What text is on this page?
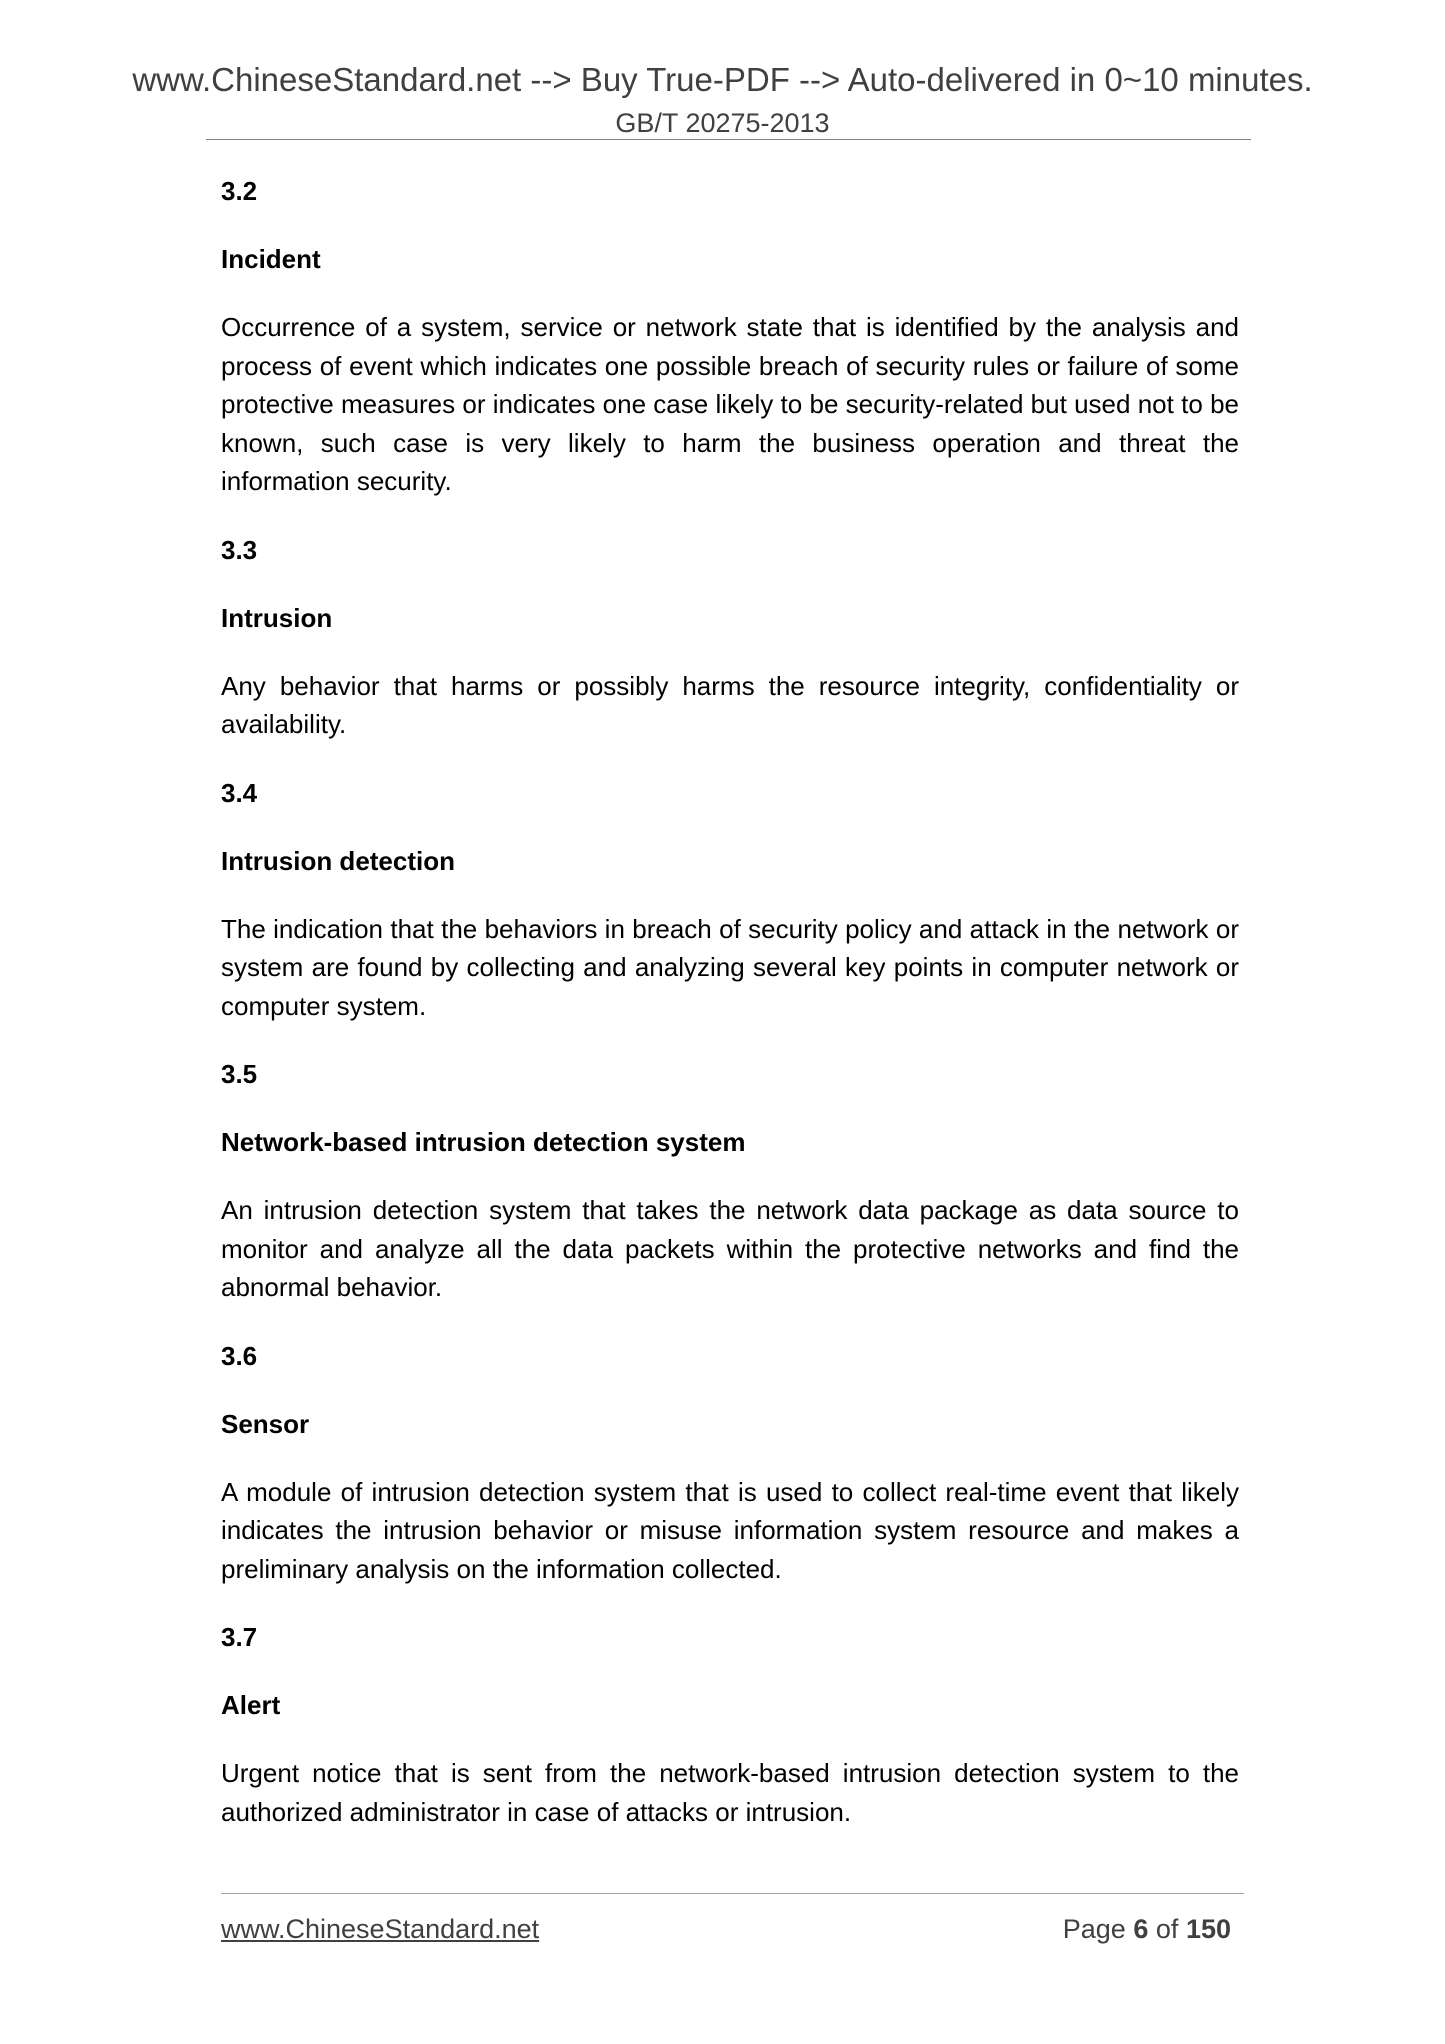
www.ChineseStandard.net --> Buy True-PDF --> Auto-delivered in 0~10 minutes.
GB/T 20275-2013

3.2

Incident

Occurrence of a system, service or network state that is identified by the analysis and process of event which indicates one possible breach of security rules or failure of some protective measures or indicates one case likely to be security-related but used not to be known, such case is very likely to harm the business operation and threat the information security.

3.3

Intrusion

Any behavior that harms or possibly harms the resource integrity, confidentiality or availability.

3.4

Intrusion detection

The indication that the behaviors in breach of security policy and attack in the network or system are found by collecting and analyzing several key points in computer network or computer system.

3.5

Network-based intrusion detection system

An intrusion detection system that takes the network data package as data source to monitor and analyze all the data packets within the protective networks and find the abnormal behavior.

3.6

Sensor

A module of intrusion detection system that is used to collect real-time event that likely indicates the intrusion behavior or misuse information system resource and makes a preliminary analysis on the information collected.

3.7

Alert

Urgent notice that is sent from the network-based intrusion detection system to the authorized administrator in case of attacks or intrusion.

www.ChineseStandard.net	Page 6 of 150
